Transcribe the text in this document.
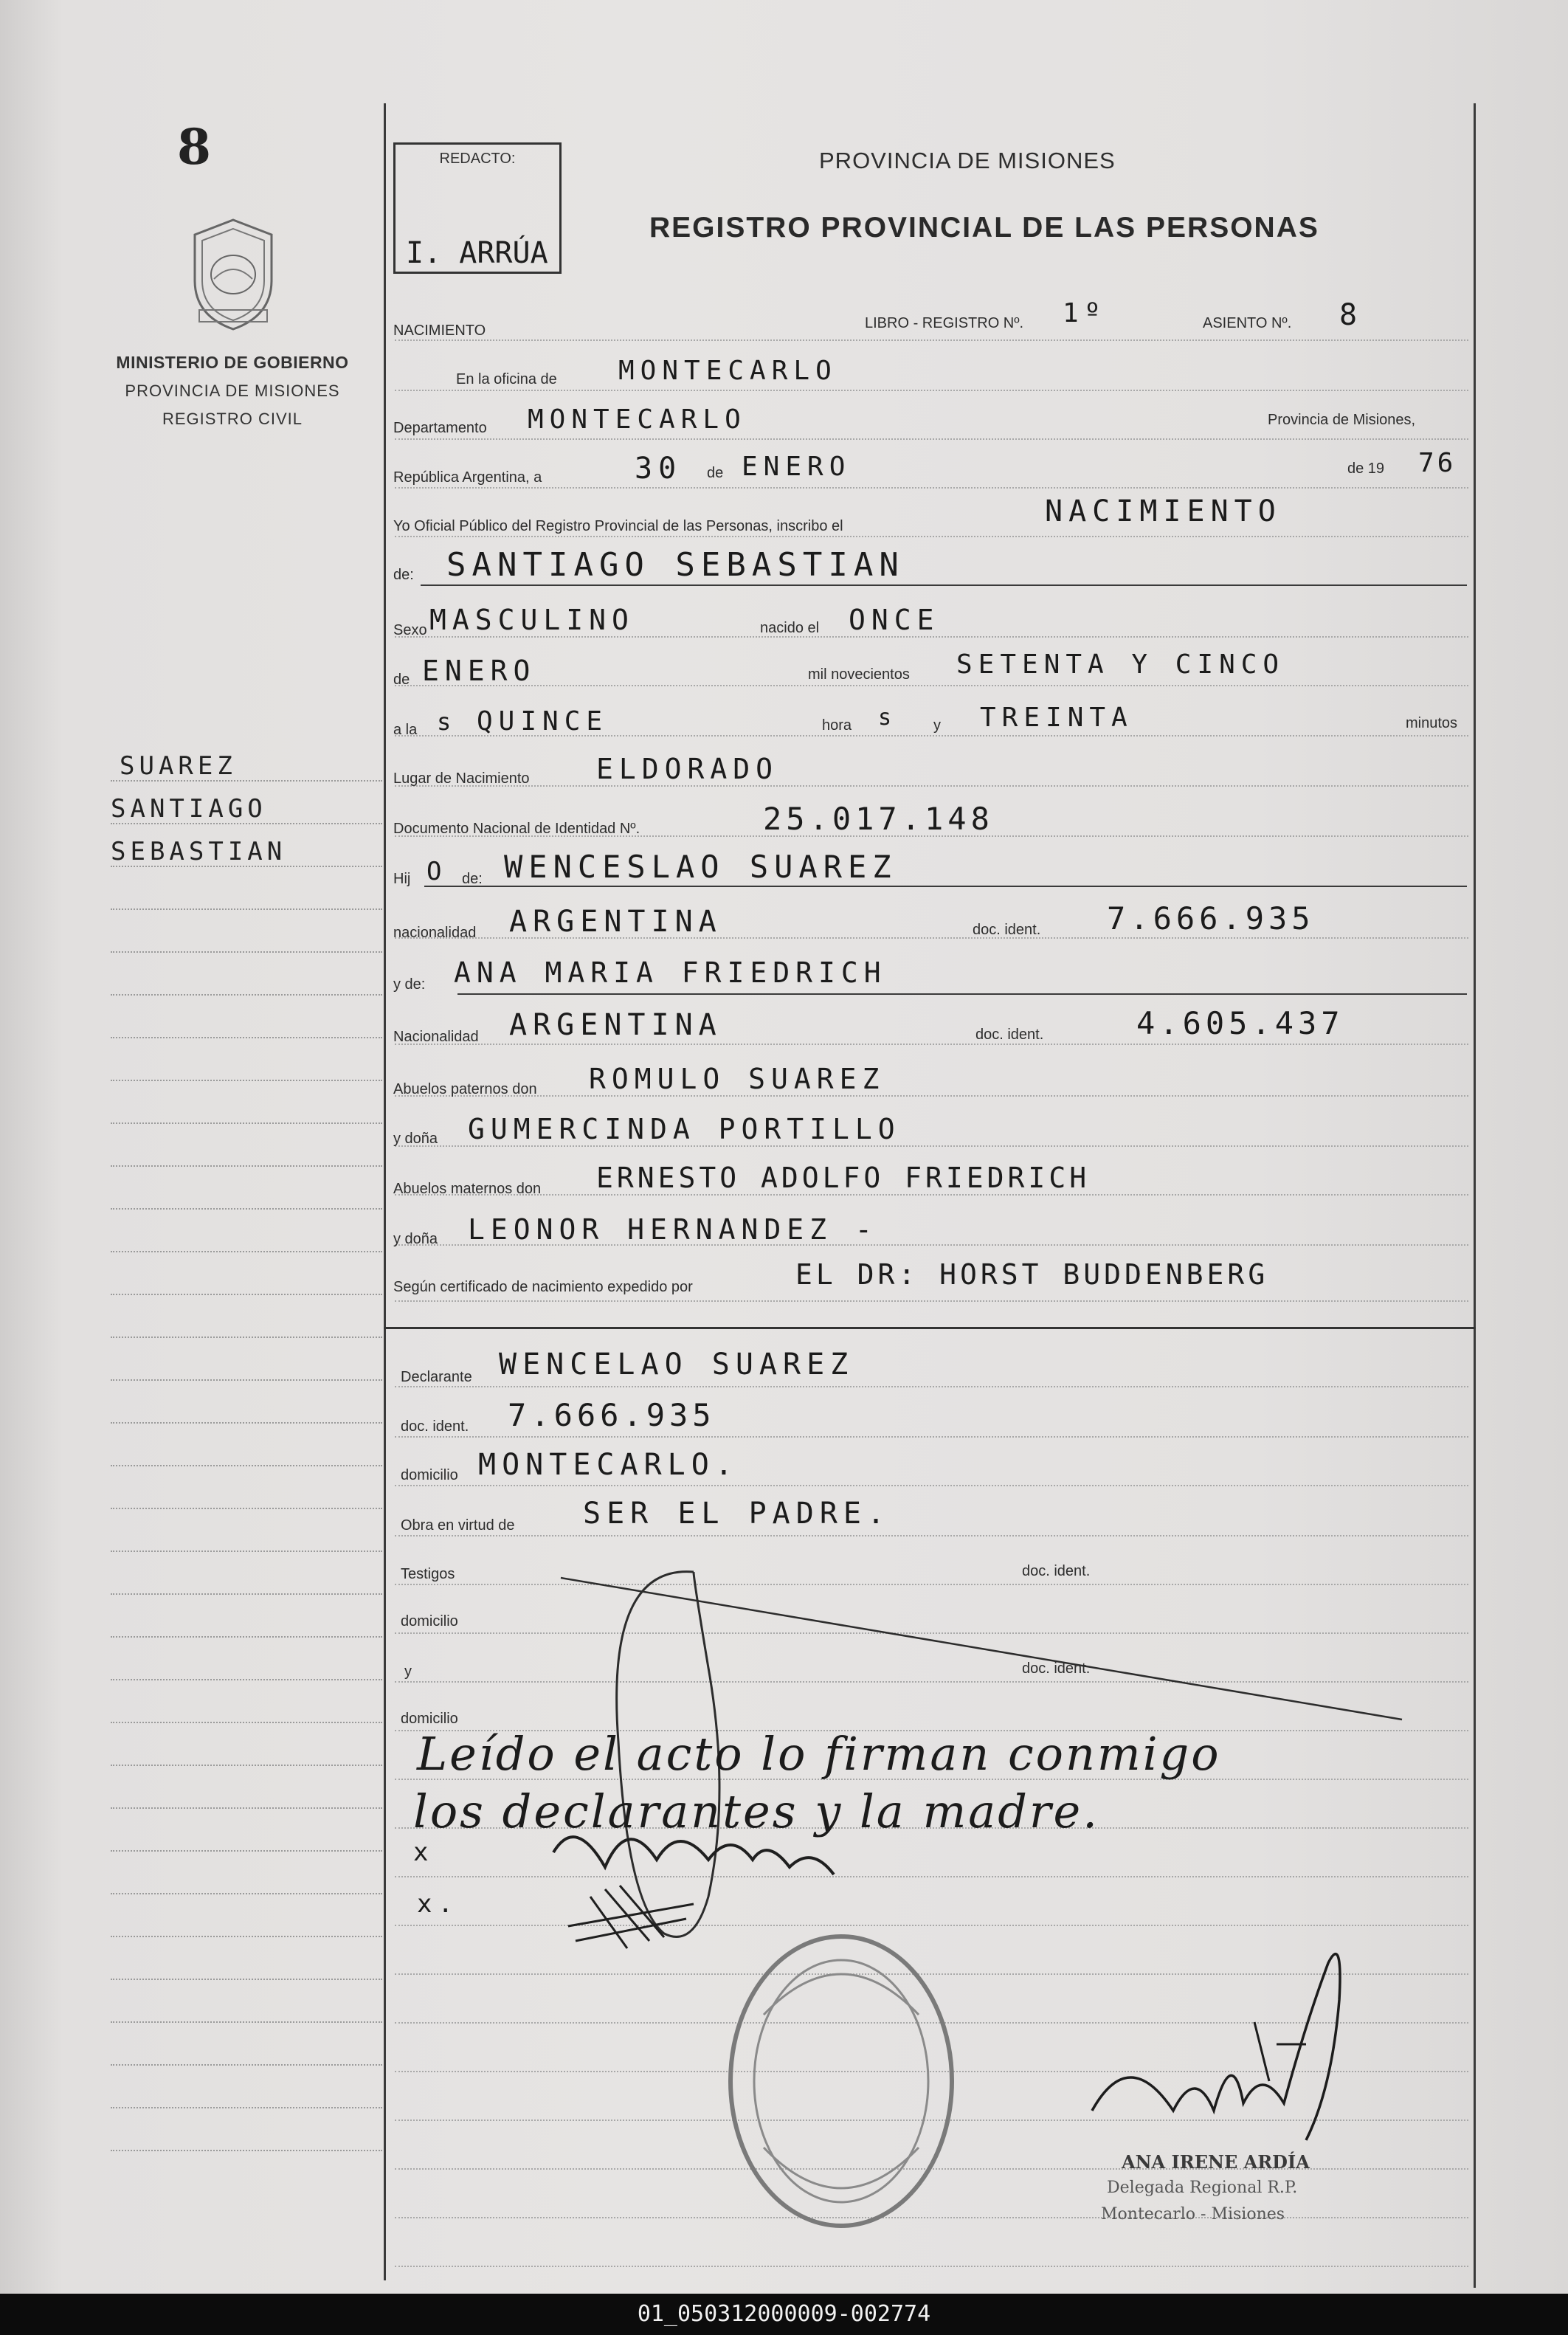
8
MINISTERIO DE GOBIERNO
PROVINCIA DE MISIONES
REGISTRO CIVIL
SUAREZ
SANTIAGO
SEBASTIAN
REDACTO:
I. ARRÚA
PROVINCIA DE MISIONES
REGISTRO PROVINCIAL DE LAS PERSONAS
NACIMIENTO	LIBRO - REGISTRO Nº. 1º	ASIENTO Nº. 8
En la oficina de MONTECARLO
Departamento MONTECARLO	Provincia de Misiones,
República Argentina, a	30 de ENERO	de 19 76
Yo Oficial Público del Registro Provincial de las Personas, inscribo el	NACIMIENTO
de: SANTIAGO SEBASTIAN
Sexo MASCULINO	nacido el ONCE
de ENERO	mil novecientos SETENTA Y CINCO
a la s QUINCE	hora s y TREINTA	minutos
Lugar de Nacimiento ELDORADO
Documento Nacional de Identidad Nº.	25.017.148
Hij O de: WENCESLAO SUAREZ
nacionalidad ARGENTINA	doc. ident. 7.666.935
y de: ANA MARIA FRIEDRICH
Nacionalidad ARGENTINA	doc. ident.	4.605.437
Abuelos paternos don ROMULO SUAREZ
y doña GUMERCINDA PORTILLO
Abuelos maternos don ERNESTO ADOLFO FRIEDRICH
y doña LEONOR HERNANDEZ -
Según certificado de nacimiento expedido por	EL DR: HORST BUDDENBERG
Declarante WENCELAO SUAREZ
doc. ident. 7.666.935
domicilio MONTECARLO.
Obra en virtud de SER EL PADRE.
Testigos	doc. ident.
domicilio
y	doc. ident.
domicilio
Leído el acto lo firman conmigo
los declarantes y la madre.
x
x.
ANA IRENE ARDÍA
Delegada Regional R.P.
Montecarlo - Misiones
01_050312000009-002774
